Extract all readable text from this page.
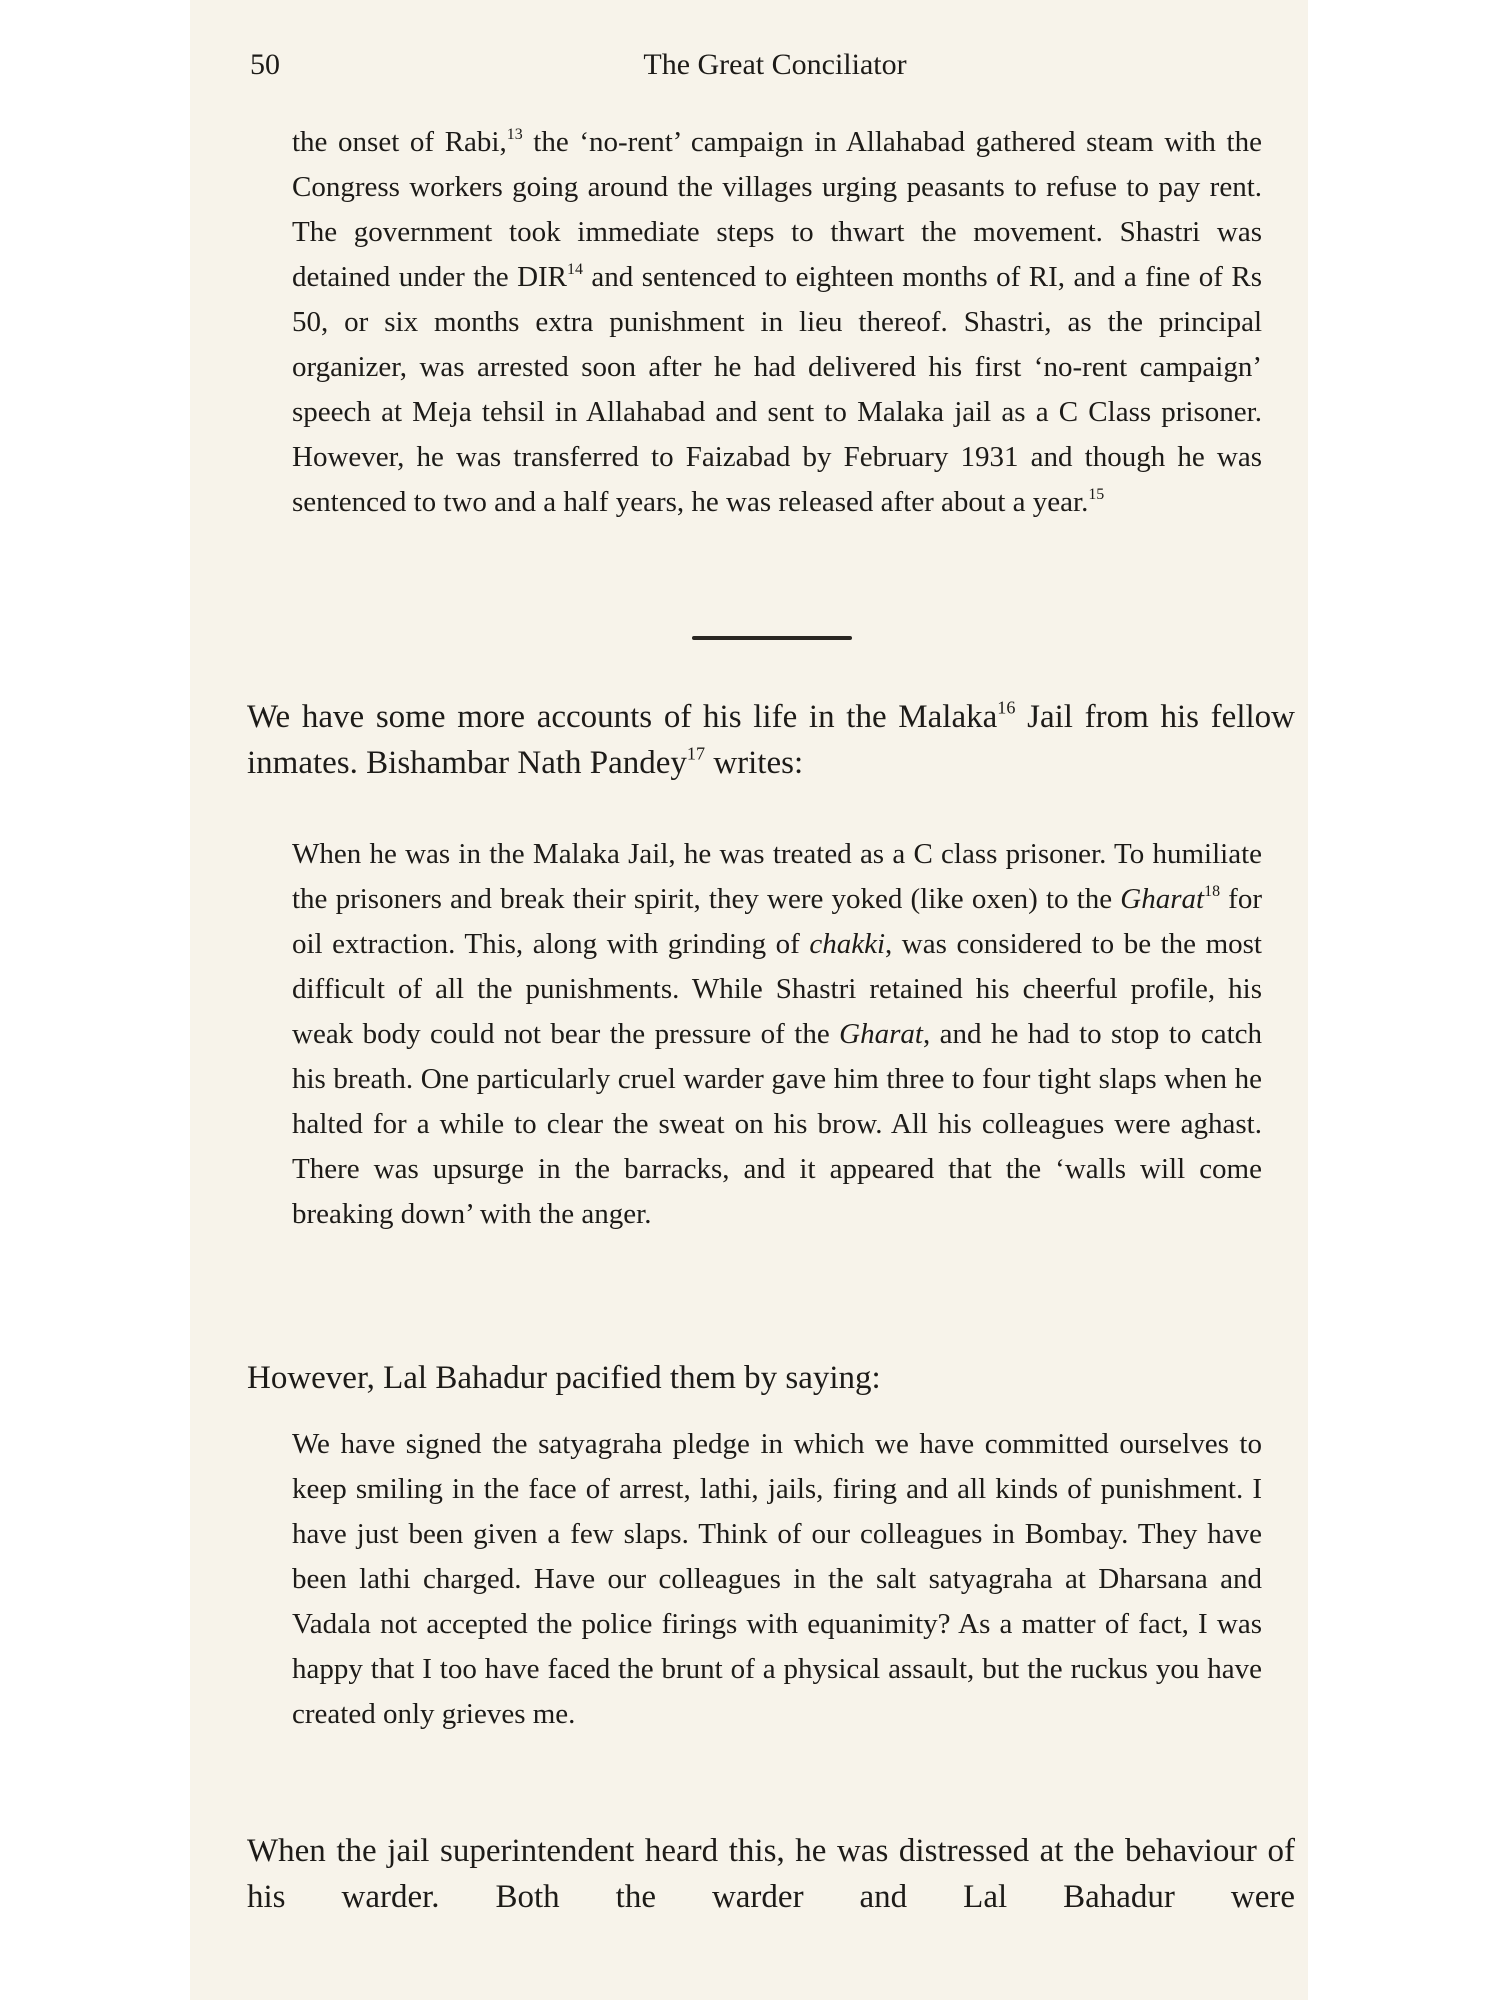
50	The Great Conciliator

the onset of Rabi,$^{13}$ the ‘no-rent’ campaign in Allahabad gathered steam with the Congress workers going around the villages urging peasants to refuse to pay rent. The government took immediate steps to thwart the movement. Shastri was detained under the DIR$^{14}$ and sentenced to eighteen months of RI, and a fine of Rs 50, or six months extra punishment in lieu thereof. Shastri, as the principal organizer, was arrested soon after he had delivered his first ‘no-rent campaign’ speech at Meja tehsil in Allahabad and sent to Malaka jail as a C Class prisoner. However, he was transferred to Faizabad by February 1931 and though he was sentenced to two and a half years, he was released after about a year.$^{15}$

We have some more accounts of his life in the Malaka$^{16}$ Jail from his fellow inmates. Bishambar Nath Pandey$^{17}$ writes:

When he was in the Malaka Jail, he was treated as a C class prisoner. To humiliate the prisoners and break their spirit, they were yoked (like oxen) to the Gharat$^{18}$ for oil extraction. This, along with grinding of chakki, was considered to be the most difficult of all the punishments. While Shastri retained his cheerful profile, his weak body could not bear the pressure of the Gharat, and he had to stop to catch his breath. One particularly cruel warder gave him three to four tight slaps when he halted for a while to clear the sweat on his brow. All his colleagues were aghast. There was upsurge in the barracks, and it appeared that the ‘walls will come breaking down’ with the anger.

However, Lal Bahadur pacified them by saying:

We have signed the satyagraha pledge in which we have committed ourselves to keep smiling in the face of arrest, lathi, jails, firing and all kinds of punishment. I have just been given a few slaps. Think of our colleagues in Bombay. They have been lathi charged. Have our colleagues in the salt satyagraha at Dharsana and Vadala not accepted the police firings with equanimity? As a matter of fact, I was happy that I too have faced the brunt of a physical assault, but the ruckus you have created only grieves me.

When the jail superintendent heard this, he was distressed at the behaviour of his warder. Both the warder and Lal Bahadur were
